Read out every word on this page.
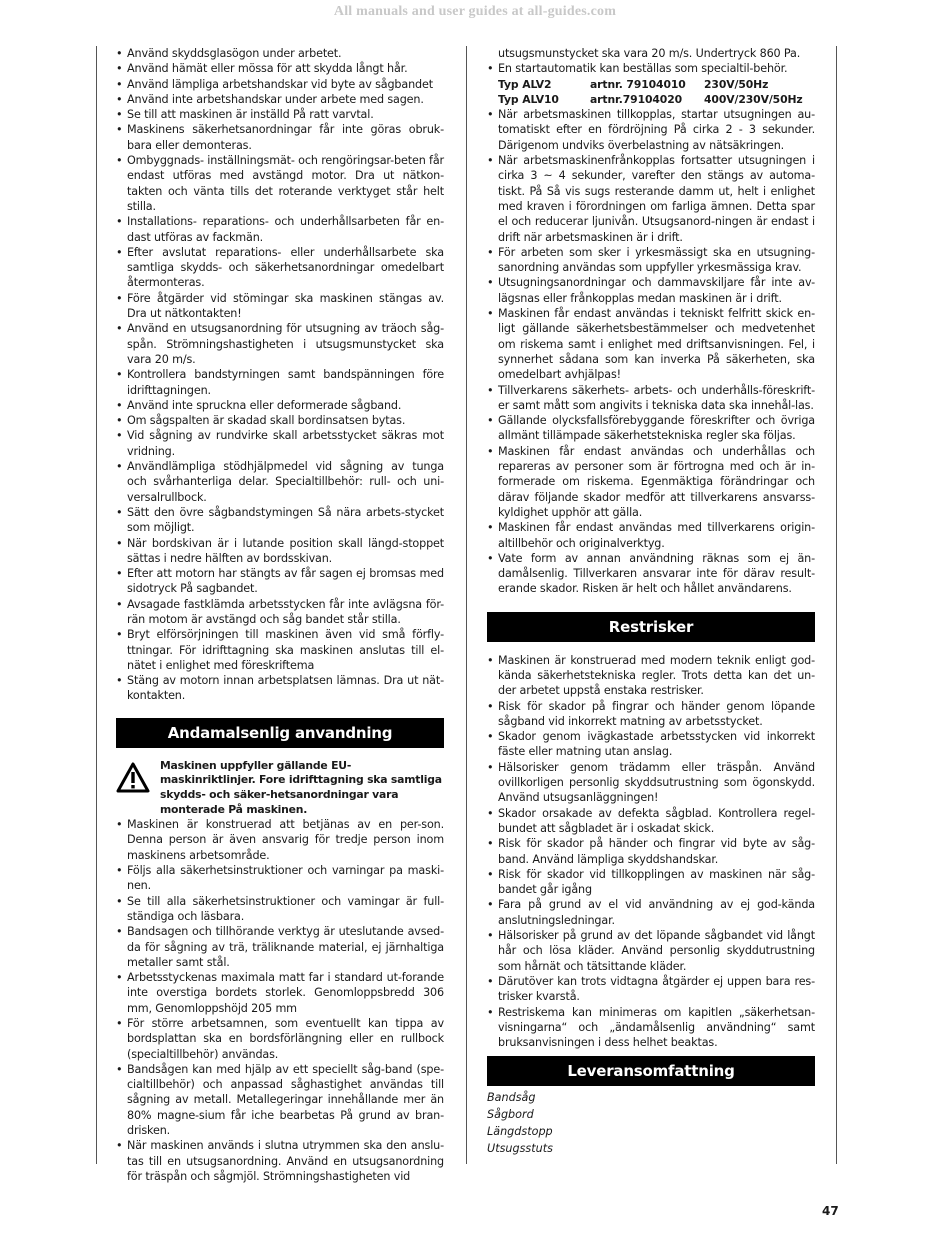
All manuals and user guides at all-guides.com
• Använd skyddsglasögon under arbetet.
• Använd hämät eller mössa för att skydda långt hår.
• Använd lämpliga arbetshandskar vid byte av sågbandet
• Använd inte arbetshandskar under arbete med sagen.
• Se till att maskinen är inställd På ratt varvtal.
• Maskinens säkerhetsanordningar får inte göras obruk-bara eller demonteras.
• Ombyggnads- inställningsmät- och rengöringsar-beten får endast utföras med avstängd motor. Dra ut nätkon-takten och vänta tills det roterande verktyget står helt stilla.
• Installations- reparations- och underhållsarbeten får en-dast utföras av fackmän.
• Efter avslutat reparations- eller underhållsarbete ska samtliga skydds- och säkerhetsanordningar omedelbart återmonteras.
• Före åtgärder vid stömingar ska maskinen stängas av. Dra ut nätkontakten!
• Använd en utsugsanordning för utsugning av träoch såg-spån. Strömningshastigheten i utsugsmunstycket ska vara 20 m/s.
• Kontrollera bandstyrningen samt bandspänningen före idrifttagningen.
• Använd inte spruckna eller deformerade sågband.
• Om sågspalten är skadad skall bordinsatsen bytas.
• Vid sågning av rundvirke skall arbetsstycket säkras mot vridning.
• Användlämpliga stödhjälpmedel vid sågning av tunga och svårhanterliga delar. Specialtillbehör: rull- och uni-versalrullbock.
• Sätt den övre sågbandstymingen Så nära arbets-stycket som möjligt.
• När bordskivan är i lutande position skall längd-stoppet sättas i nedre hälften av bordsskivan.
• Efter att motorn har stängts av får sagen ej bromsas med sidotryck På sagbandet.
• Avsagade fastklämda arbetsstycken får inte avlägsna för-rän motom är avstängd och såg bandet står stilla.
• Bryt elförsörjningen till maskinen även vid små förfly-ttningar. För idrifttagning ska maskinen anslutas till el-nätet i enlighet med föreskriftema
• Stäng av motorn innan arbetsplatsen lämnas. Dra ut nät-kontakten.
Andamalsenlig anvandning
Maskinen uppfyller gällande EU-maskinriktlinjer. Fore idrifttagning ska samtliga skydds- och säker-hetsanordningar vara monterade På maskinen.
• Maskinen är konstruerad att betjänas av en per-son. Denna person är även ansvarig för tredje person inom maskinens arbetsområde.
• Följs alla säkerhetsinstruktioner och varningar pa maski-nen.
• Se till alla säkerhetsinstruktioner och vamingar är full-ständiga och läsbara.
• Bandsagen och tillhörande verktyg är uteslutande avsed-da för sågning av trä, träliknande material, ej järnhaltiga metaller samt stål.
• Arbetsstyckenas maximala matt far i standard ut-forande inte overstiga bordets storlek. Genomloppsbredd 306 mm, Genomloppshöjd 205 mm
• För större arbetsamnen, som eventuellt kan tippa av bordsplattan ska en bordsförlängning eller en rullbock (specialtillbehör) användas.
• Bandsågen kan med hjälp av ett speciellt såg-band (spe-cialtillbehör) och anpassad såghastighet användas till sågning av metall. Metallegeringar innehållande mer än 80% magne-sium får iche bearbetas På grund av bran-drisken.
• När maskinen används i slutna utrymmen ska den anslu-tas till en utsugsanordning. Använd en utsugsanordning för träspån och sågmjöl. Strömningshastigheten vid
utsugsmunstycket ska vara 20 m/s. Undertryck 860 Pa.
• En startautomatik kan beställas som specialtil-behör.
Typ ALV2	artnr. 79104010	230V/50Hz
Typ ALV10	artnr.79104020	400V/230V/50Hz
• När arbetsmaskinen tillkopplas, startar utsugningen au-tomatiskt efter en fördröjning På cirka 2 - 3 sekunder. Därigenom undviks överbelastning av nätsäkringen.
• När arbetsmaskinenfrånkopplas fortsatter utsugningen i cirka 3 ~ 4 sekunder, varefter den stängs av automa-tiskt. På Så vis sugs resterande damm ut, helt i enlighet med kraven i förordningen om farliga ämnen. Detta spar el och reducerar ljunivån. Utsugsanord-ningen är endast i drift när arbetsmaskinen är i drift.
• För arbeten som sker i yrkesmässigt ska en utsugning-sanordning användas som uppfyller yrkesmässiga krav.
• Utsugningsanordningar och dammavskiljare får inte av-lägsnas eller frånkopplas medan maskinen är i drift.
• Maskinen får endast användas i tekniskt felfritt skick en-ligt gällande säkerhetsbestämmelser och medvetenhet om riskema samt i enlighet med driftsanvisningen. Fel, i synnerhet sådana som kan inverka På säkerheten, ska omedelbart avhjälpas!
• Tillverkarens säkerhets- arbets- och underhålls-föreskrift-er samt mått som angivits i tekniska data ska innehål-las.
• Gällande olycksfallsförebyggande föreskrifter och övriga allmänt tillämpade säkerhetstekniska regler ska följas.
• Maskinen får endast användas och underhållas och repareras av personer som är förtrogna med och är in-formerade om riskema. Egenmäktiga förändringar och därav följande skador medför att tillverkarens ansvarss-kyldighet upphör att gälla.
• Maskinen får endast användas med tillverkarens origin-altillbehör och originalverktyg.
• Vate form av annan användning räknas som ej än-damålsenlig. Tillverkaren ansvarar inte för därav result-erande skador. Risken är helt och hållet användarens.
Restrisker
• Maskinen är konstruerad med modern teknik enligt god-kända säkerhetstekniska regler. Trots detta kan det un-der arbetet uppstå enstaka restrisker.
• Risk för skador på fingrar och händer genom löpande sågband vid inkorrekt matning av arbetsstycket.
• Skador genom ivägkastade arbetsstycken vid inkorrekt fäste eller matning utan anslag.
• Hälsorisker genom trädamm eller träspån. Använd ovillkorligen personlig skyddsutrustning som ögonskydd. Använd utsugsanläggningen!
• Skador orsakade av defekta sågblad. Kontrollera regel-bundet att sågbladet är i oskadat skick.
• Risk för skador på händer och fingrar vid byte av såg-band. Använd lämpliga skyddshandskar.
• Risk för skador vid tillkopplingen av maskinen när såg-bandet går igång
• Fara på grund av el vid användning av ej god-kända anslutningsledningar.
• Hälsorisker på grund av det löpande sågbandet vid långt hår och lösa kläder. Använd personlig skyddutrustning som hårnät och tätsittande kläder.
• Därutöver kan trots vidtagna åtgärder ej uppen bara res-trisker kvarstå.
• Restriskema kan minimeras om kapitlen „säkerhetsan-visningarna“ och „ändamålsenlig användning“ samt bruksanvisningen i dess helhet beaktas.
Leveransomfattning
Bandsåg
Sågbord
Längdstopp
Utsugsstuts
47
